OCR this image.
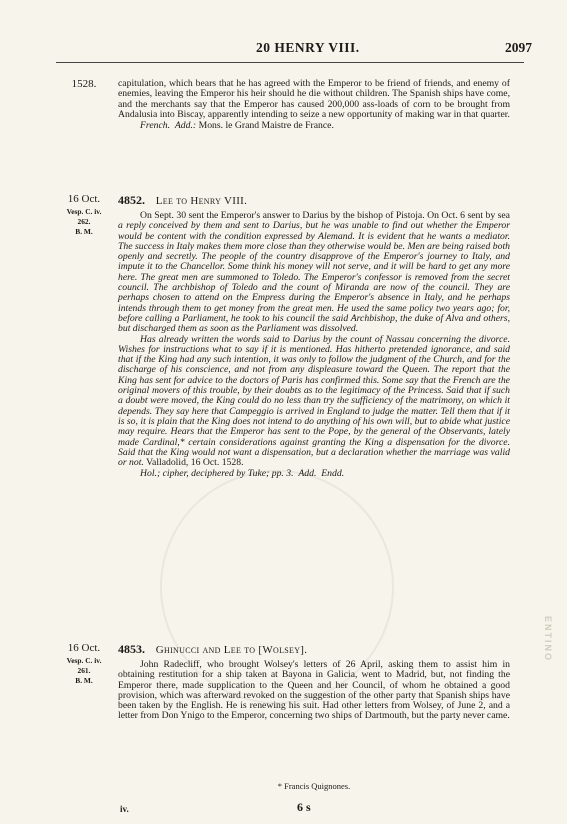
20 HENRY VIII.	2097
1528.	capitulation, which bears that he has agreed with the Emperor to be friend of friends, and enemy of enemies, leaving the Emperor his heir should he die without children. The Spanish ships have come, and the merchants say that the Emperor has caused 200,000 ass-loads of corn to be brought from Andalusia into Biscay, apparently intending to seize a new opportunity of making war in that quarter.

French. Add.: Mons. le Grand Maistre de France.

16 Oct.
Vesp. C. iv.
262.
B. M.
4852. Lee to Henry VIII.

On Sept. 30 sent the Emperor's answer to Darius by the bishop of Pistoja. On Oct. 6 sent by sea a reply conceived by them and sent to Darius, but he was unable to find out whether the Emperor would be content with the condition expressed by Alemand. It is evident that he wants a mediator. The success in Italy makes them more close than they otherwise would be. Men are being raised both openly and secretly. The people of the country disapprove of the Emperor's journey to Italy, and impute it to the Chancellor. Some think his money will not serve, and it will be hard to get any more here. The great men are summoned to Toledo. The Emperor's confessor is removed from the secret council. The archbishop of Toledo and the count of Miranda are now of the council. They are perhaps chosen to attend on the Empress during the Emperor's absence in Italy, and he perhaps intends through them to get money from the great men. He used the same policy two years ago; for, before calling a Parliament, he took to his council the said Archbishop, the duke of Alva and others, but discharged them as soon as the Parliament was dissolved.

Has already written the words said to Darius by the count of Nassau concerning the divorce. Wishes for instructions what to say if it is mentioned. Has hitherto pretended ignorance, and said that if the King had any such intention, it was only to follow the judgment of the Church, and for the discharge of his conscience, and not from any displeasure toward the Queen. The report that the King has sent for advice to the doctors of Paris has confirmed this. Some say that the French are the original movers of this trouble, by their doubts as to the legitimacy of the Princess. Said that if such a doubt were moved, the King could do no less than try the sufficiency of the matrimony, on which it depends. They say here that Campeggio is arrived in England to judge the matter. Tell them that if it is so, it is plain that the King does not intend to do anything of his own will, but to abide what justice may require. Hears that the Emperor has sent to the Pope, by the general of the Observants, lately made Cardinal,* certain considerations against granting the King a dispensation for the divorce. Said that the King would not want a dispensation, but a declaration whether the marriage was valid or not. Valladolid, 16 Oct. 1528.

Hol.; cipher, deciphered by Tuke; pp. 3. Add. Endd.

16 Oct.
Vesp. C. iv.
261.
B. M.
4853. Ghinucci and Lee to [Wolsey].

John Radecliff, who brought Wolsey's letters of 26 April, asking them to assist him in obtaining restitution for a ship taken at Bayona in Galicia, went to Madrid, but, not finding the Emperor there, made supplication to the Queen and her Council, of whom he obtained a good provision, which was afterward revoked on the suggestion of the other party that Spanish ships have been taken by the English. He is renewing his suit. Had other letters from Wolsey, of June 2, and a letter from Don Ynigo to the Emperor, concerning two ships of Dartmouth, but the party never came.

* Francis Quignones.
iv.	6 s
ENTINO
